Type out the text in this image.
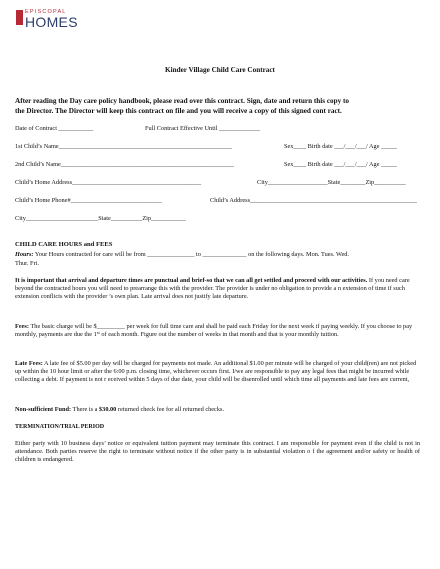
EPISCOPAL
HOMES
Kinder Village Child Care Contract
After reading the Day care policy handbook, please read over this contract. Sign, date and return this copy to
the Director. The Director will keep this contract on file and you will receive a copy of this signed cont ract.
Date of Contract ___________	Full Contract Effective Until _____________
1st Child’s Name_______________________________________________________	Sex____ Birth date ___/___/___/ Age _____
2nd Child’s Name_______________________________________________________	Sex____ Birth date ___/___/___/ Age _____
Child’s Home Address_________________________________________	City___________________State________Zip__________
Child’s Home Phone#_____________________________	Child’s Address_____________________________________________________
City_______________________State__________Zip___________
CHILD CARE HOURS and FEES
Hours: Your Hours contracted for care will be from _______________ to ______________ on the following days. Mon. Tues. Wed.
Thur. Fri.
It is important that arrival and departure times are punctual and brief-so that we can all get settled and proceed with our activities. If you need care beyond the contracted hours you will need to prearrange this with the provider. The provider is under no obligation to provide a n extension of time if such extension conflicts with the provider ’s own plan. Late arrival does not justify late departure.
Fees: The basic charge will be $_________ per week for full time care and shall be paid each Friday for the next week if paying weekly. If you choose to pay monthly, payments are due the 1st of each month. Figure out the number of weeks in that month and that is your monthly tuition.
Late Fees: A late fee of $5.00 per day will be charged for payments not made. An additional $1.00 per minute will be charged of your child(ren) are not picked up within the 10 hour limit or after the 6:00 p.m. closing time, whichever occurs first. I/we are responsible to pay any legal fees that might be incurred while collecting a debt. If payment is not r eceived within 5 days of due date, your child will be disenrolled until which time all payments and late fees are current,
Non-sufficient Fund: There is a $30.00 returned check fee for all returned checks.
TERMINATION/TRIAL PERIOD
Either party with 10 business days’ notice or equivalent tuition payment may terminate this contract. I am responsible for payment even if the child is not in attendance. Both parties reserve the right to terminate without notice if the other party is in substantial violation o f the agreement and/or safety or health of children is endangered.
